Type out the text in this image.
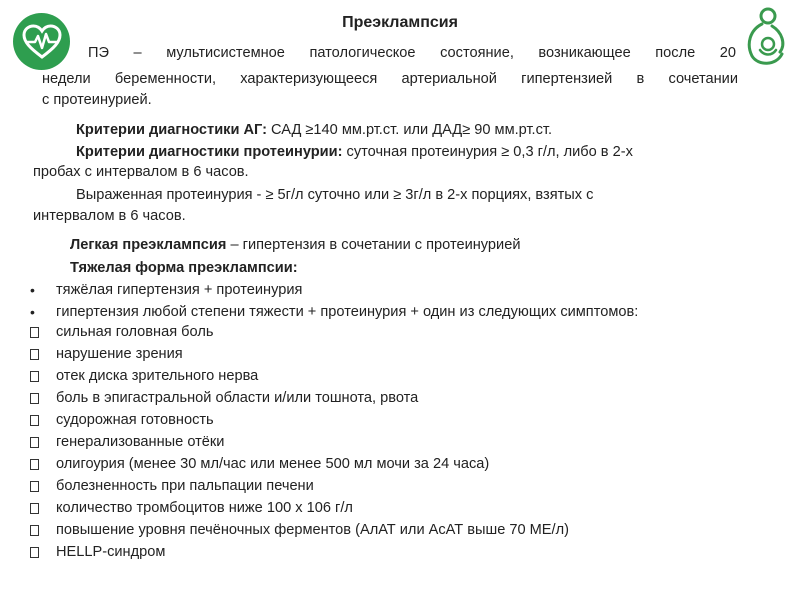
Преэклампсия
ПЭ – мультисистемное патологическое состояние, возникающее после 20
недели беременности, характеризующееся артериальной гипертензией в сочетании
с протеинурией.
Критерии диагностики АГ: САД ≥140 мм.рт.ст. или ДАД≥ 90 мм.рт.ст.
Критерии диагностики протеинурии: суточная протеинурия ≥ 0,3 г/л, либо в 2-х
пробах с интервалом в 6 часов.
Выраженная протеинурия - ≥ 5г/л суточно или ≥ 3г/л в 2-х порциях, взятых с
интервалом в 6 часов.
Легкая преэклампсия – гипертензия в сочетании с протеинурией
Тяжелая форма преэклампсии:
• тяжёлая гипертензия + протеинурия
• гипертензия любой степени тяжести + протеинурия + один из следующих симптомов:
сильная головная боль
нарушение зрения
отек диска зрительного нерва
боль в эпигастральной области и/или тошнота, рвота
судорожная готовность
генерализованные отёки
олигоурия (менее 30 мл/час или менее 500 мл мочи за 24 часа)
болезненность при пальпации печени
количество тромбоцитов ниже 100 х 106 г/л
повышение уровня печёночных ферментов (АлАТ или АсАТ выше 70 МЕ/л)
HELLP-синдром
